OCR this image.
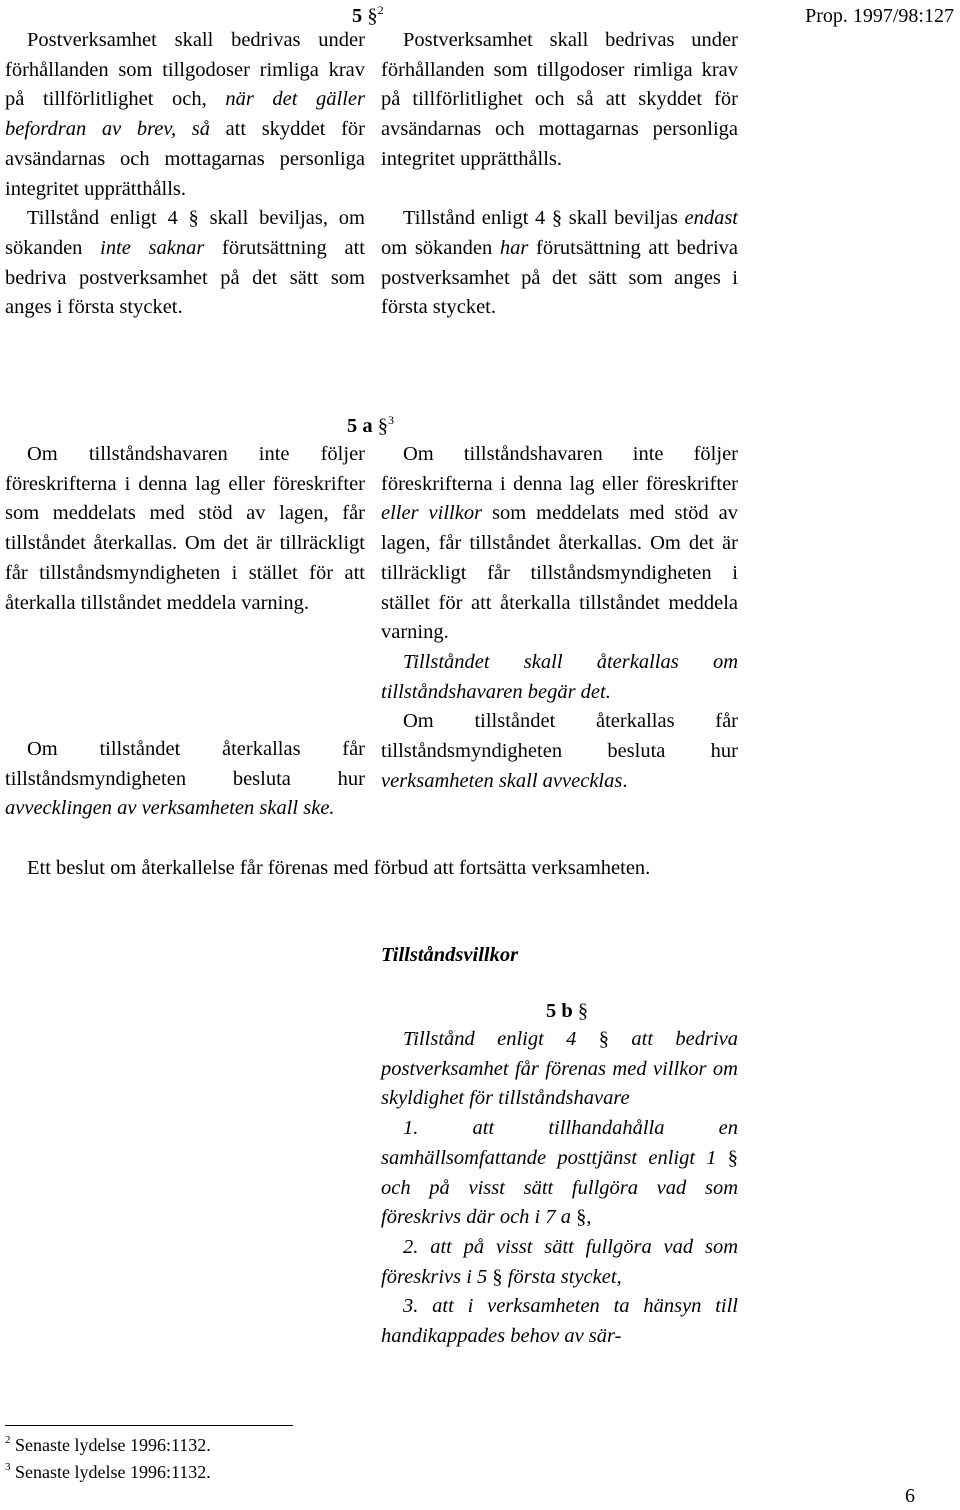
Prop. 1997/98:127
5 §$^2$

Postverksamhet skall bedrivas under förhållanden som tillgodoser rimliga krav på tillförlitlighet och, när det gäller befordran av brev, så att skyddet för avsändarnas och mottagarnas personliga integritet upprätthålls.

Tillstånd enligt 4 § skall beviljas, om sökanden inte saknar förutsättning att bedriva postverksamhet på det sätt som anges i första stycket.

Postverksamhet skall bedrivas under förhållanden som tillgodoser rimliga krav på tillförlitlighet och så att skyddet för avsändarnas och mottagarnas personliga integritet upprätthålls.

Tillstånd enligt 4 § skall beviljas endast om sökanden har förutsättning att bedriva postverksamhet på det sätt som anges i första stycket.

5 a §$^3$

Om tillståndshavaren inte följer föreskrifterna i denna lag eller föreskrifter som meddelats med stöd av lagen, får tillståndet återkallas. Om det är tillräckligt får tillståndsmyndigheten i stället för att återkalla tillståndet meddela varning.

Om tillståndet återkallas får tillståndsmyndigheten besluta hur avvecklingen av verksamheten skall ske.

Om tillståndshavaren inte följer föreskrifterna i denna lag eller föreskrifter eller villkor som meddelats med stöd av lagen, får tillståndet återkallas. Om det är tillräckligt får tillståndsmyndigheten i stället för att återkalla tillståndet meddela varning.

Tillståndet skall återkallas om tillståndshavaren begär det.

Om tillståndet återkallas får tillståndsmyndigheten besluta hur verksamheten skall avvecklas.

Ett beslut om återkallelse får förenas med förbud att fortsätta verksamheten.

Tillståndsvillkor
5 b §

Tillstånd enligt 4 § att bedriva postverksamhet får förenas med villkor om skyldighet för tillståndshavare

1. att tillhandahålla en samhällsomfattande posttjänst enligt 1 § och på visst sätt fullgöra vad som föreskrivs där och i 7 a §,

2. att på visst sätt fullgöra vad som föreskrivs i 5 § första stycket,

3. att i verksamheten ta hänsyn till handikappades behov av sär-

$^2$ Senaste lydelse 1996:1132.
$^3$ Senaste lydelse 1996:1132.
6
